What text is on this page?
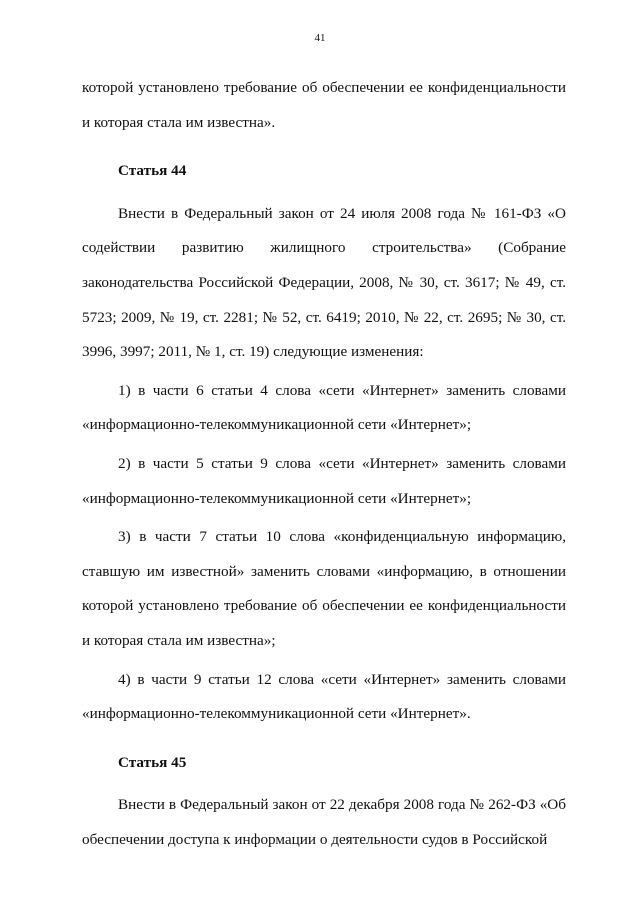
41

которой установлено требование об обеспечении ее конфиденциальности и которая стала им известна».

Статья 44

Внести в Федеральный закон от 24 июля 2008 года № 161-ФЗ «О содействии развитию жилищного строительства» (Собрание законодательства Российской Федерации, 2008, № 30, ст. 3617; № 49, ст. 5723; 2009, № 19, ст. 2281; № 52, ст. 6419; 2010, № 22, ст. 2695; № 30, ст. 3996, 3997; 2011, № 1, ст. 19) следующие изменения:

1) в части 6 статьи 4 слова «сети «Интернет» заменить словами «информационно-телекоммуникационной сети «Интернет»;

2) в части 5 статьи 9 слова «сети «Интернет» заменить словами «информационно-телекоммуникационной сети «Интернет»;

3) в части 7 статьи 10 слова «конфиденциальную информацию, ставшую им известной» заменить словами «информацию, в отношении которой установлено требование об обеспечении ее конфиденциальности и которая стала им известна»;

4) в части 9 статьи 12 слова «сети «Интернет» заменить словами «информационно-телекоммуникационной сети «Интернет».

Статья 45

Внести в Федеральный закон от 22 декабря 2008 года № 262-ФЗ «Об обеспечении доступа к информации о деятельности судов в Российской
